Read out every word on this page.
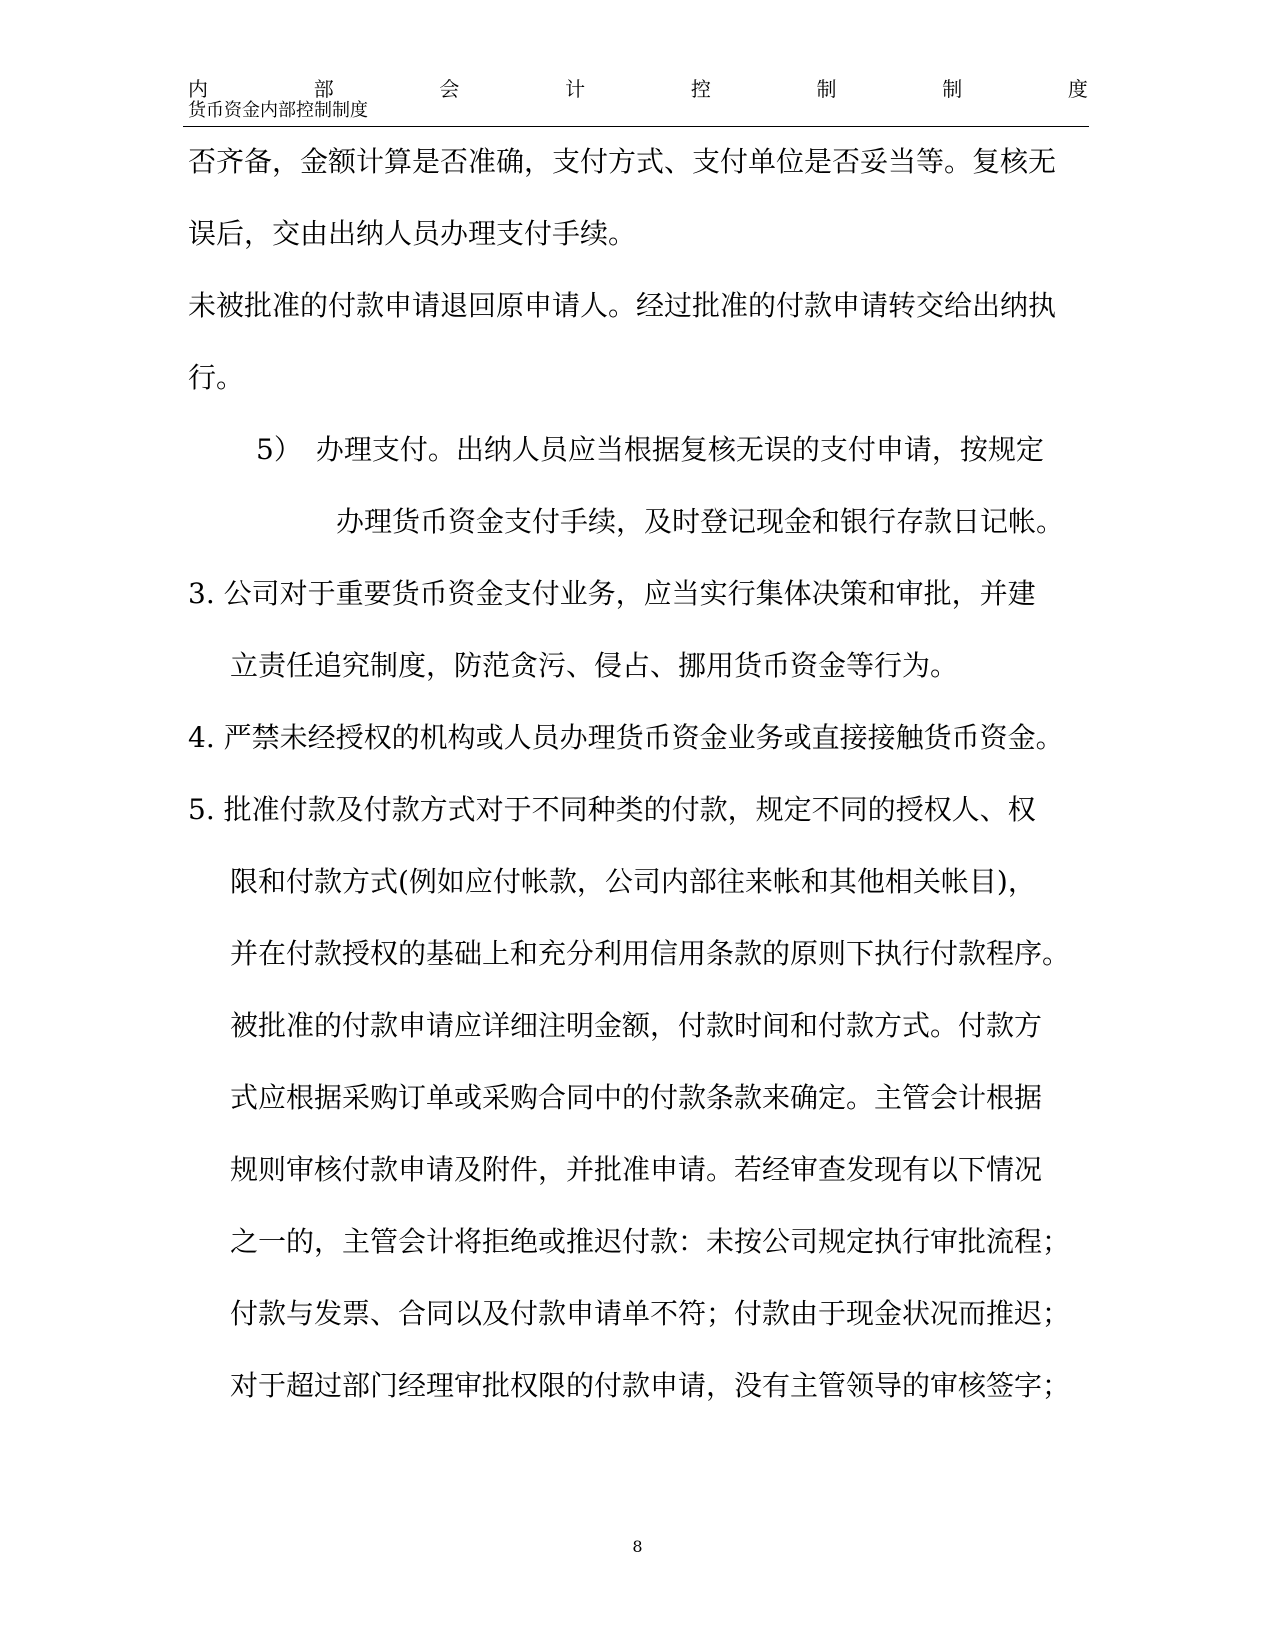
内	部	会	计	控	制	制	度
货币资金内部控制制度
否齐备，金额计算是否准确，支付方式、支付单位是否妥当等。复核无
误后，交由出纳人员办理支付手续。
未被批准的付款申请退回原申请人。经过批准的付款申请转交给出纳执
行。
5）　办理支付。出纳人员应当根据复核无误的支付申请，按规定
办理货币资金支付手续，及时登记现金和银行存款日记帐。
3. 公司对于重要货币资金支付业务，应当实行集体决策和审批，并建
立责任追究制度，防范贪污、侵占、挪用货币资金等行为。
4. 严禁未经授权的机构或人员办理货币资金业务或直接接触货币资金。
5. 批准付款及付款方式对于不同种类的付款，规定不同的授权人、权
限和付款方式(例如应付帐款，公司内部往来帐和其他相关帐目)，
并在付款授权的基础上和充分利用信用条款的原则下执行付款程序。
被批准的付款申请应详细注明金额，付款时间和付款方式。付款方
式应根据采购订单或采购合同中的付款条款来确定。主管会计根据
规则审核付款申请及附件，并批准申请。若经审查发现有以下情况
之一的，主管会计将拒绝或推迟付款：未按公司规定执行审批流程；
付款与发票、合同以及付款申请单不符；付款由于现金状况而推迟；
对于超过部门经理审批权限的付款申请，没有主管领导的审核签字；
8
